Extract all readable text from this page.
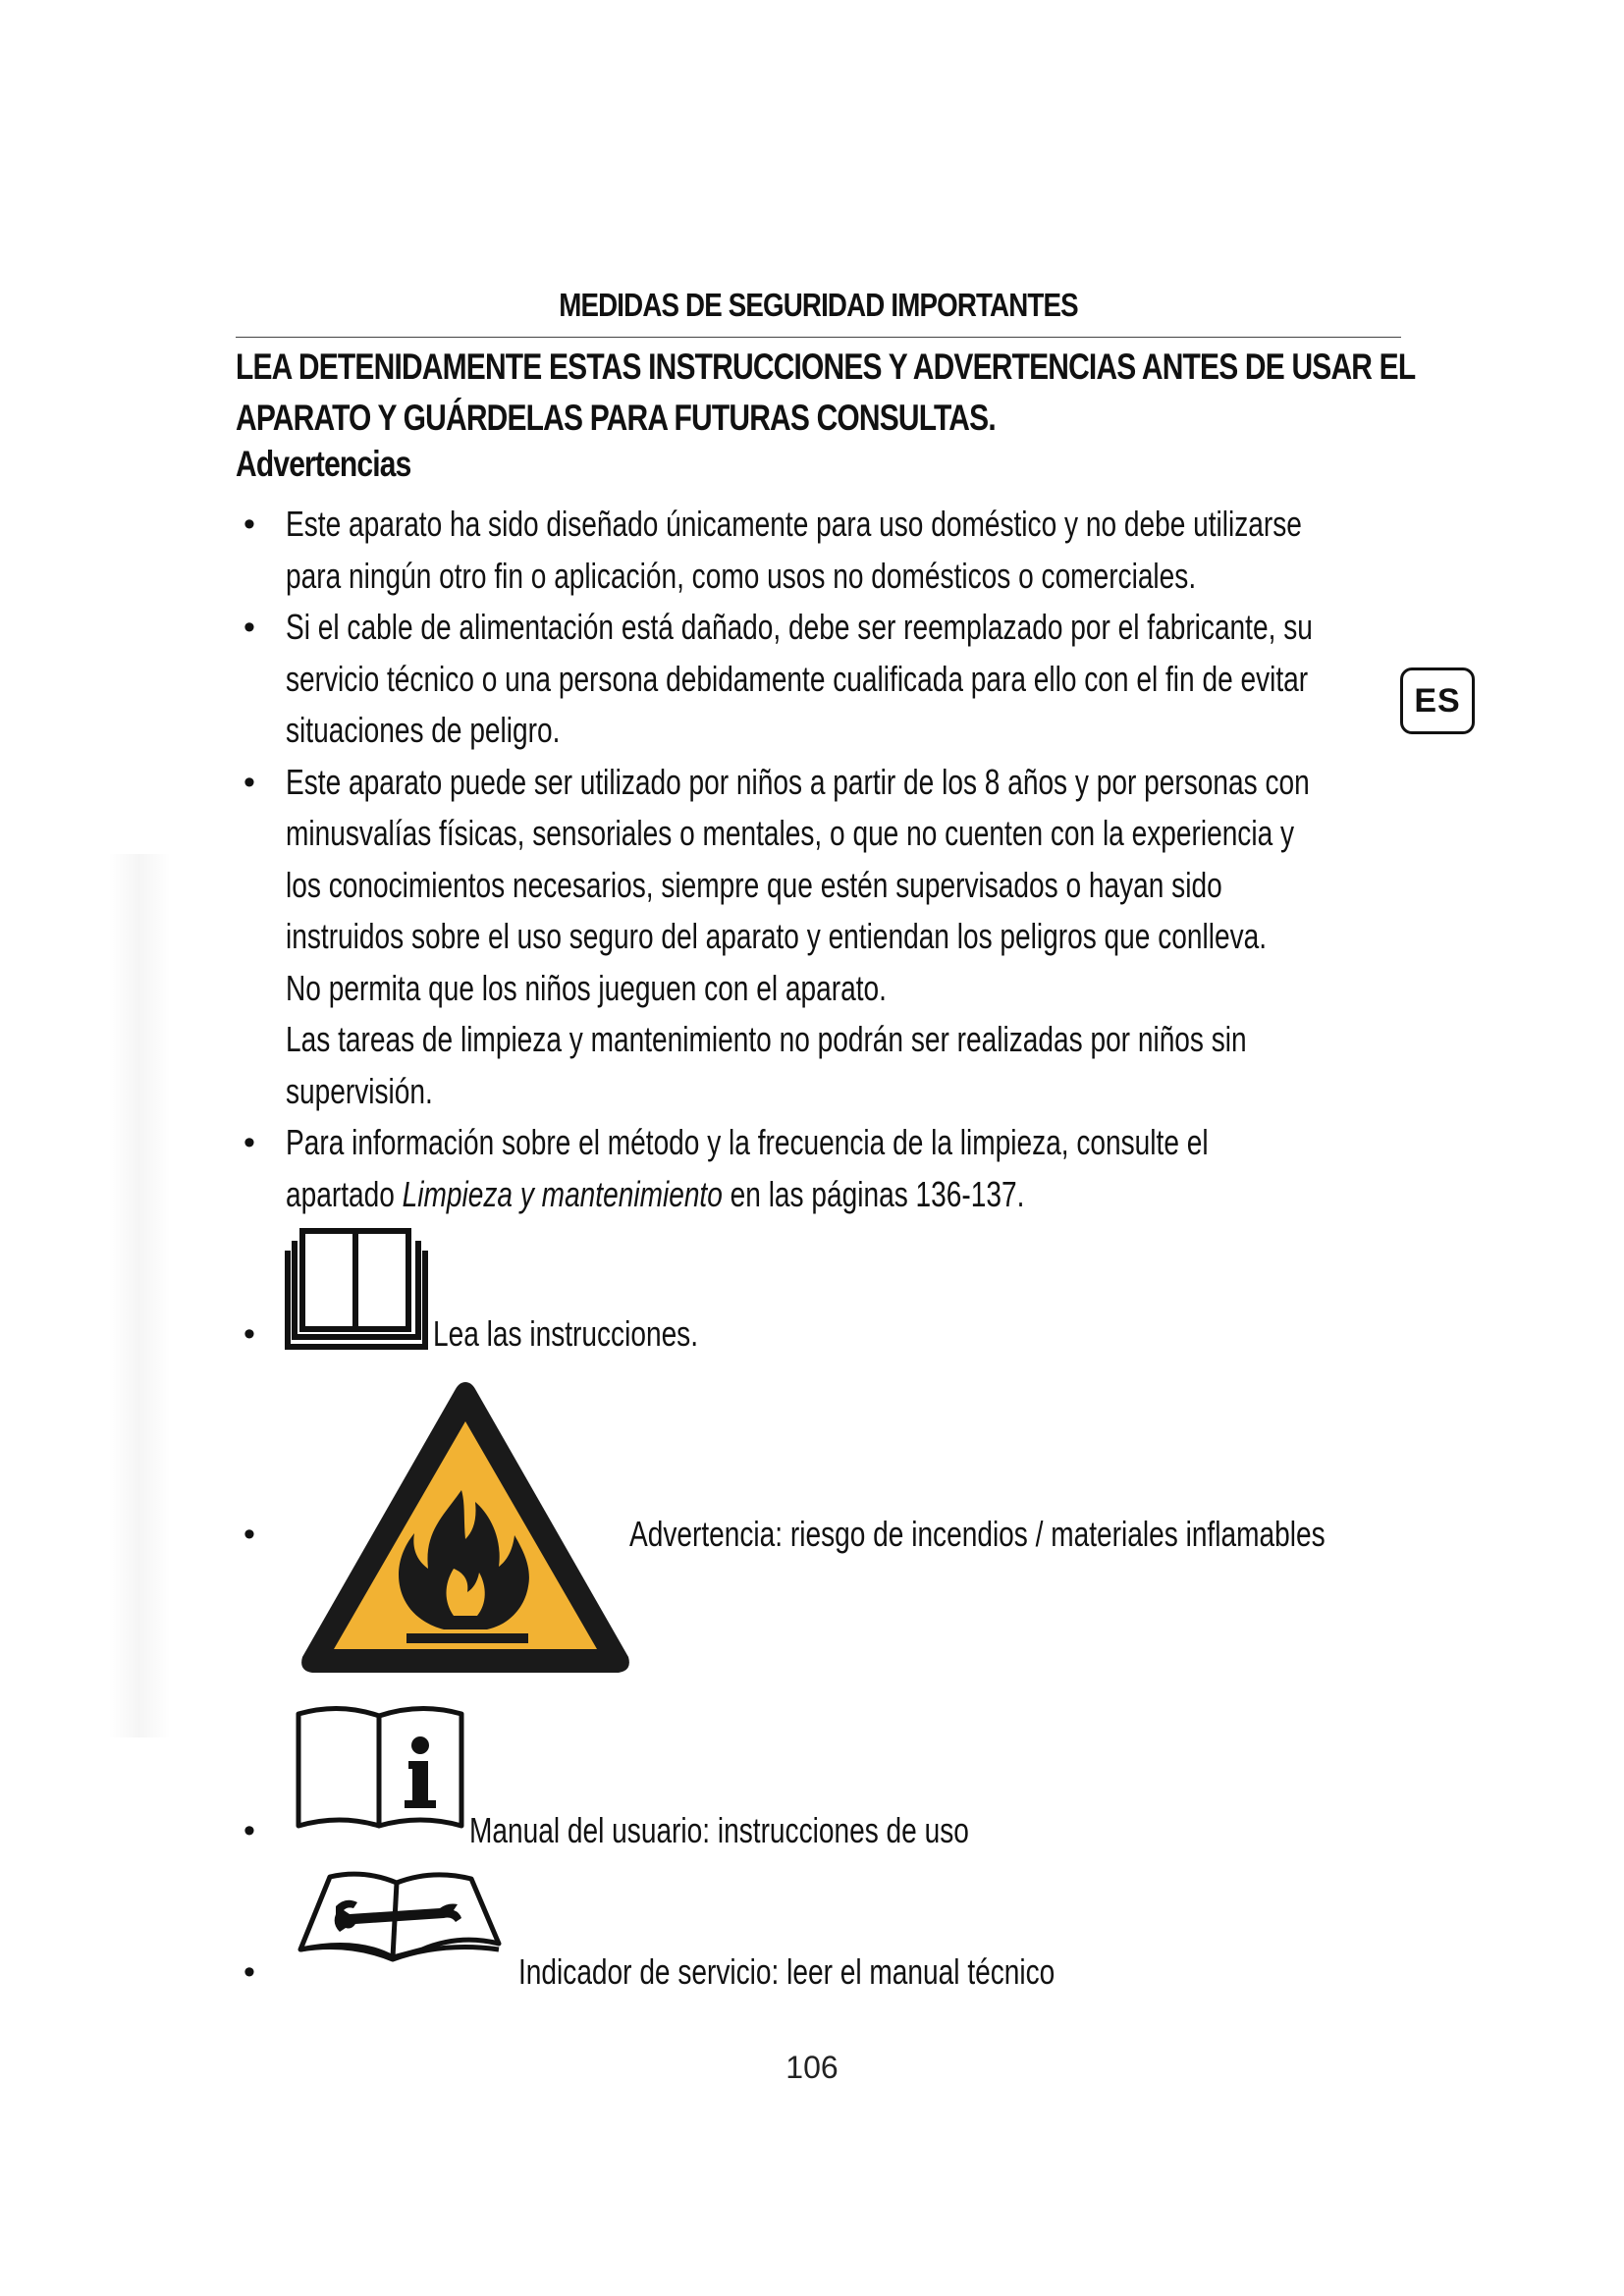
MEDIDAS DE SEGURIDAD IMPORTANTES
LEA DETENIDAMENTE ESTAS INSTRUCCIONES Y ADVERTENCIAS ANTES DE USAR EL
APARATO Y GUÁRDELAS PARA FUTURAS CONSULTAS.
Advertencias
ES
• Este aparato ha sido diseñado únicamente para uso doméstico y no debe utilizarse
para ningún otro fin o aplicación, como usos no domésticos o comerciales.
• Si el cable de alimentación está dañado, debe ser reemplazado por el fabricante, su
servicio técnico o una persona debidamente cualificada para ello con el fin de evitar
situaciones de peligro.
• Este aparato puede ser utilizado por niños a partir de los 8 años y por personas con
minusvalías físicas, sensoriales o mentales, o que no cuenten con la experiencia y
los conocimientos necesarios, siempre que estén supervisados o hayan sido
instruidos sobre el uso seguro del aparato y entiendan los peligros que conlleva.
No permita que los niños jueguen con el aparato.
Las tareas de limpieza y mantenimiento no podrán ser realizadas por niños sin
supervisión.
• Para información sobre el método y la frecuencia de la limpieza, consulte el
apartado Limpieza y mantenimiento en las páginas 136-137.
•	Lea las instrucciones.
•	Advertencia: riesgo de incendios / materiales inflamables
•	Manual del usuario: instrucciones de uso
•	Indicador de servicio: leer el manual técnico
106
